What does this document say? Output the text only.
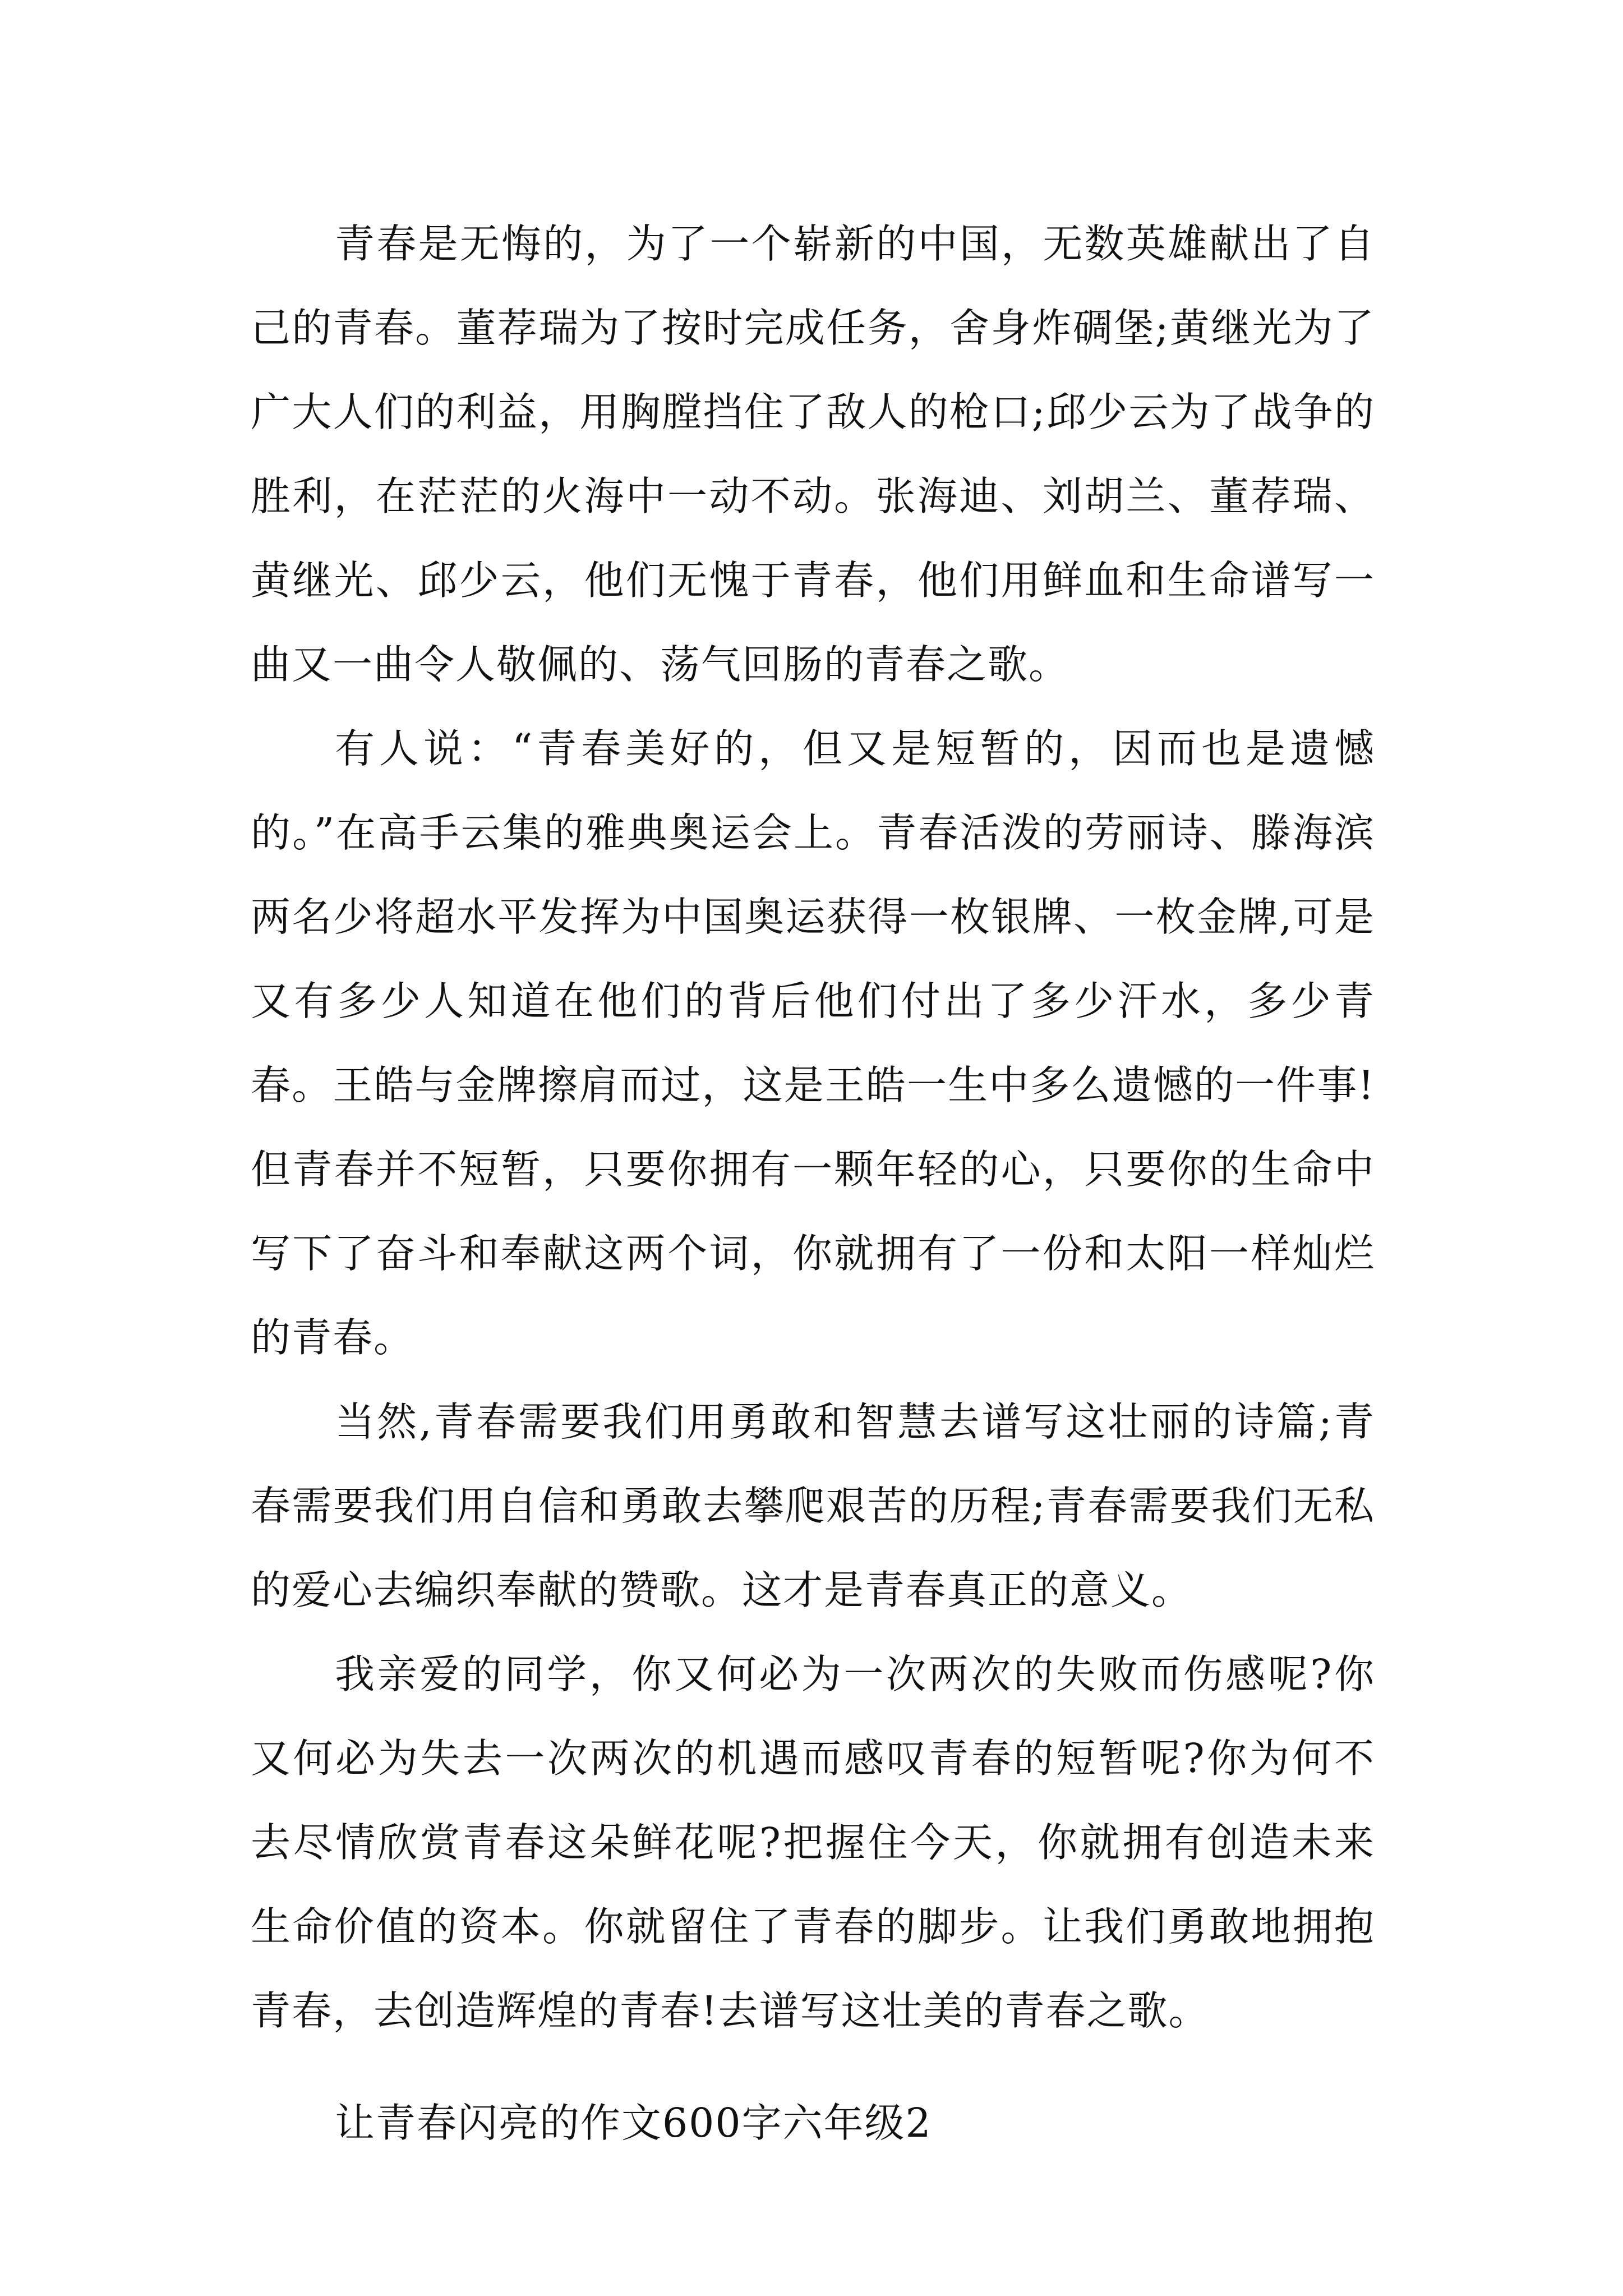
青春是无悔的，为了一个崭新的中国，无数英雄献出了自己的青春。董荐瑞为了按时完成任务，舍身炸碉堡;黄继光为了广大人们的利益，用胸膛挡住了敌人的枪口;邱少云为了战争的胜利，在茫茫的火海中一动不动。张海迪、刘胡兰、董荐瑞、黄继光、邱少云，他们无愧于青春，他们用鲜血和生命谱写一曲又一曲令人敬佩的、荡气回肠的青春之歌。

有人说：“青春美好的，但又是短暂的，因而也是遗憾的。”在高手云集的雅典奥运会上。青春活泼的劳丽诗、滕海滨两名少将超水平发挥为中国奥运获得一枚银牌、一枚金牌,可是又有多少人知道在他们的背后他们付出了多少汗水，多少青春。王皓与金牌擦肩而过，这是王皓一生中多么遗憾的一件事!但青春并不短暂，只要你拥有一颗年轻的心，只要你的生命中写下了奋斗和奉献这两个词，你就拥有了一份和太阳一样灿烂的青春。

当然,青春需要我们用勇敢和智慧去谱写这壮丽的诗篇;青春需要我们用自信和勇敢去攀爬艰苦的历程;青春需要我们无私的爱心去编织奉献的赞歌。这才是青春真正的意义。

我亲爱的同学，你又何必为一次两次的失败而伤感呢?你又何必为失去一次两次的机遇而感叹青春的短暂呢?你为何不去尽情欣赏青春这朵鲜花呢?把握住今天，你就拥有创造未来生命价值的资本。你就留住了青春的脚步。让我们勇敢地拥抱青春，去创造辉煌的青春!去谱写这壮美的青春之歌。

让青春闪亮的作文600字六年级2
